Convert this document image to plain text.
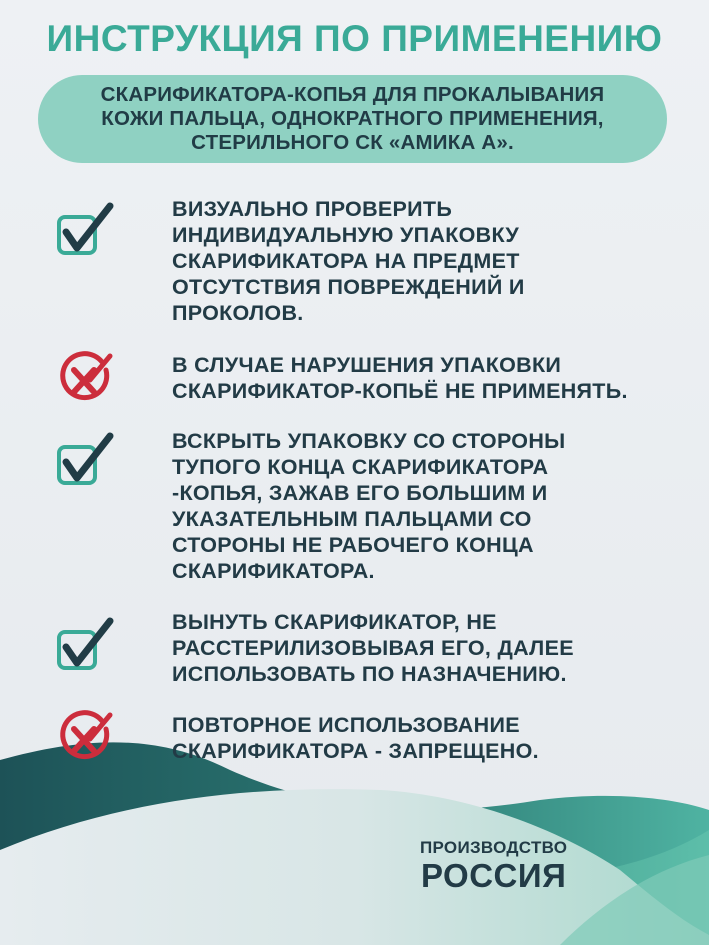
ИНСТРУКЦИЯ ПО ПРИМЕНЕНИЮ
СКАРИФИКАТОРА-КОПЬЯ ДЛЯ ПРОКАЛЫВАНИЯ
КОЖИ ПАЛЬЦА, ОДНОКРАТНОГО ПРИМЕНЕНИЯ,
СТЕРИЛЬНОГО СК «АМИКА А».
ВИЗУАЛЬНО ПРОВЕРИТЬ
ИНДИВИДУАЛЬНУЮ УПАКОВКУ
СКАРИФИКАТОРА НА ПРЕДМЕТ
ОТСУТСТВИЯ ПОВРЕЖДЕНИЙ И
ПРОКОЛОВ.
В СЛУЧАЕ НАРУШЕНИЯ УПАКОВКИ
СКАРИФИКАТОР-КОПЬЁ НЕ ПРИМЕНЯТЬ.
ВСКРЫТЬ УПАКОВКУ СО СТОРОНЫ
ТУПОГО КОНЦА СКАРИФИКАТОРА
-КОПЬЯ, ЗАЖАВ ЕГО БОЛЬШИМ И
УКАЗАТЕЛЬНЫМ ПАЛЬЦАМИ СО
СТОРОНЫ НЕ РАБОЧЕГО КОНЦА
СКАРИФИКАТОРА.
ВЫНУТЬ СКАРИФИКАТОР, НЕ
РАССТЕРИЛИЗОВЫВАЯ ЕГО, ДАЛЕЕ
ИСПОЛЬЗОВАТЬ ПО НАЗНАЧЕНИЮ.
ПОВТОРНОЕ ИСПОЛЬЗОВАНИЕ
СКАРИФИКАТОРА - ЗАПРЕЩЕНО.
ПРОИЗВОДСТВО
РОССИЯ
